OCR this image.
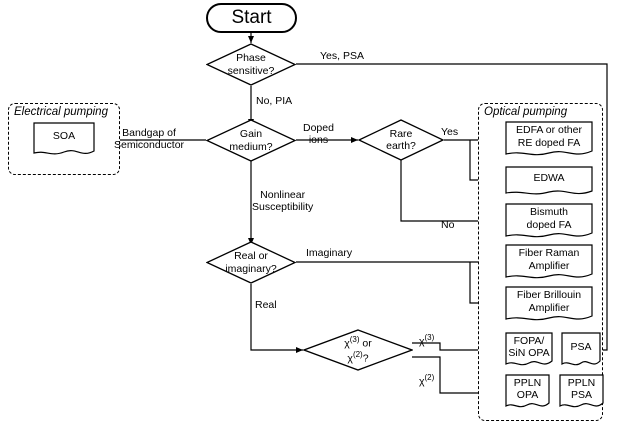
Electrical pumping	Optical pumping
Start
Phase
sensitive?
Gain
medium?
Rare
earth?
Real or
imaginary?
$\chi^{(3)}$ or
$\chi^{(2)}$?
Yes, PSA
No, PIA
Bandgap of
Semiconductor
Doped
ions
Yes
No
Nonlinear
Susceptibility
Imaginary
Real
$\chi^{(3)}$
$\chi^{(2)}$
SOA
EDFA or other
RE doped FA
EDWA
Bismuth
doped FA
Fiber Raman
Amplifier
Fiber Brillouin
Amplifier
FOPA/
SiN OPA
PSA
PPLN
OPA
PPLN
PSA
